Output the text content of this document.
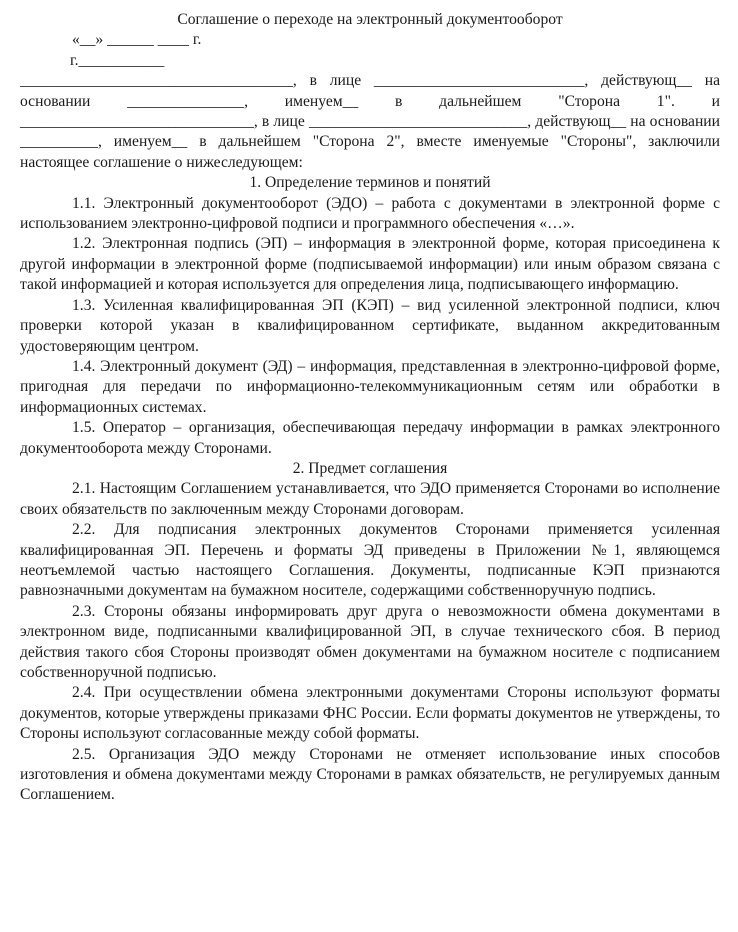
Соглашение о переходе на электронный документооборот

«__» ______ ____ г.

г.___________

___________________________________, в лице ___________________________, действующ__ на основании _______________, именуем__ в дальнейшем "Сторона 1". и ______________________________, в лице ____________________________, действующ__ на основании __________, именуем__ в дальнейшем "Сторона 2", вместе именуемые "Стороны", заключили настоящее соглашение о нижеследующем:

1. Определение терминов и понятий

1.1. Электронный документооборот (ЭДО) – работа с документами в электронной форме с использованием электронно-цифровой подписи и программного обеспечения «…».

1.2. Электронная подпись (ЭП) – информация в электронной форме, которая присоединена к другой информации в электронной форме (подписываемой информации) или иным образом связана с такой информацией и которая используется для определения лица, подписывающего информацию.

1.3. Усиленная квалифицированная ЭП (КЭП) – вид усиленной электронной подписи, ключ проверки которой указан в квалифицированном сертификате, выданном аккредитованным удостоверяющим центром.

1.4. Электронный документ (ЭД) – информация, представленная в электронно-цифровой форме, пригодная для передачи по информационно-телекоммуникационным сетям или обработки в информационных системах.

1.5. Оператор – организация, обеспечивающая передачу информации в рамках электронного документооборота между Сторонами.

2. Предмет соглашения

2.1. Настоящим Соглашением устанавливается, что ЭДО применяется Сторонами во исполнение своих обязательств по заключенным между Сторонами договорам.

2.2. Для подписания электронных документов Сторонами применяется усиленная квалифицированная ЭП. Перечень и форматы ЭД приведены в Приложении №1, являющемся неотъемлемой частью настоящего Соглашения. Документы, подписанные КЭП признаются равнозначными документам на бумажном носителе, содержащими собственноручную подпись.

2.3. Стороны обязаны информировать друг друга о невозможности обмена документами в электронном виде, подписанными квалифицированной ЭП, в случае технического сбоя. В период действия такого сбоя Стороны производят обмен документами на бумажном носителе с подписанием собственноручной подписью.

2.4. При осуществлении обмена электронными документами Стороны используют форматы документов, которые утверждены приказами ФНС России. Если форматы документов не утверждены, то Стороны используют согласованные между собой форматы.

2.5. Организация ЭДО между Сторонами не отменяет использование иных способов изготовления и обмена документами между Сторонами в рамках обязательств, не регулируемых данным Соглашением.
